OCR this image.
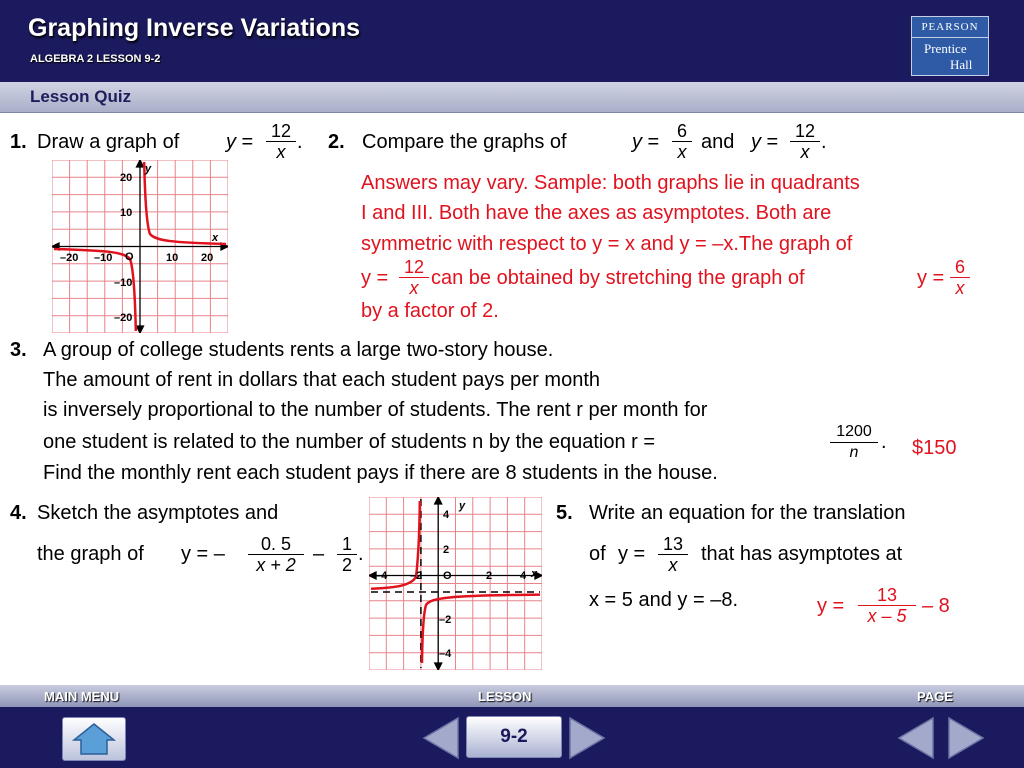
Graphing Inverse Variations
ALGEBRA 2 LESSON 9-2
PEARSON
Prentice
Hall
Lesson Quiz
1. Draw a graph of $y = \frac{12}{x}$ .
y
x
O
–20 –10	10 20
20
10
–10
–20
2. Compare the graphs of	$y = \frac{6}{x}$ and $y = \frac{12}{x}$ .
Answers may vary. Sample: both graphs lie in quadrants
I and III. Both have the axes as asymptotes. Both are
symmetric with respect to y = x and y = –x.The graph of
$y = \frac{12}{x}$ can be obtained by stretching the graph of	$y = \frac{6}{x}$
by a factor of 2.
3. A group of college students rents a large two-story house.
The amount of rent in dollars that each student pays per month
is inversely proportional to the number of students. The rent r per month for
one student is related to the number of students n by the equation r =	$\frac{1200}{n}$ . $150
Find the monthly rent each student pays if there are 8 students in the house.
4. Sketch the asymptotes and
the graph of y = – $\frac{0. 5}{x + 2} - \frac{1}{2}$ .
y
x
O
–4 –2	2	4
4
2
–2
–4
5. Write an equation for the translation
of $y = \frac{13}{x}$ that has asymptotes at
x = 5 and y = –8.	$y = \frac{13}{x - 5} - 8$
MAIN MENU	LESSON	PAGE
9-2
